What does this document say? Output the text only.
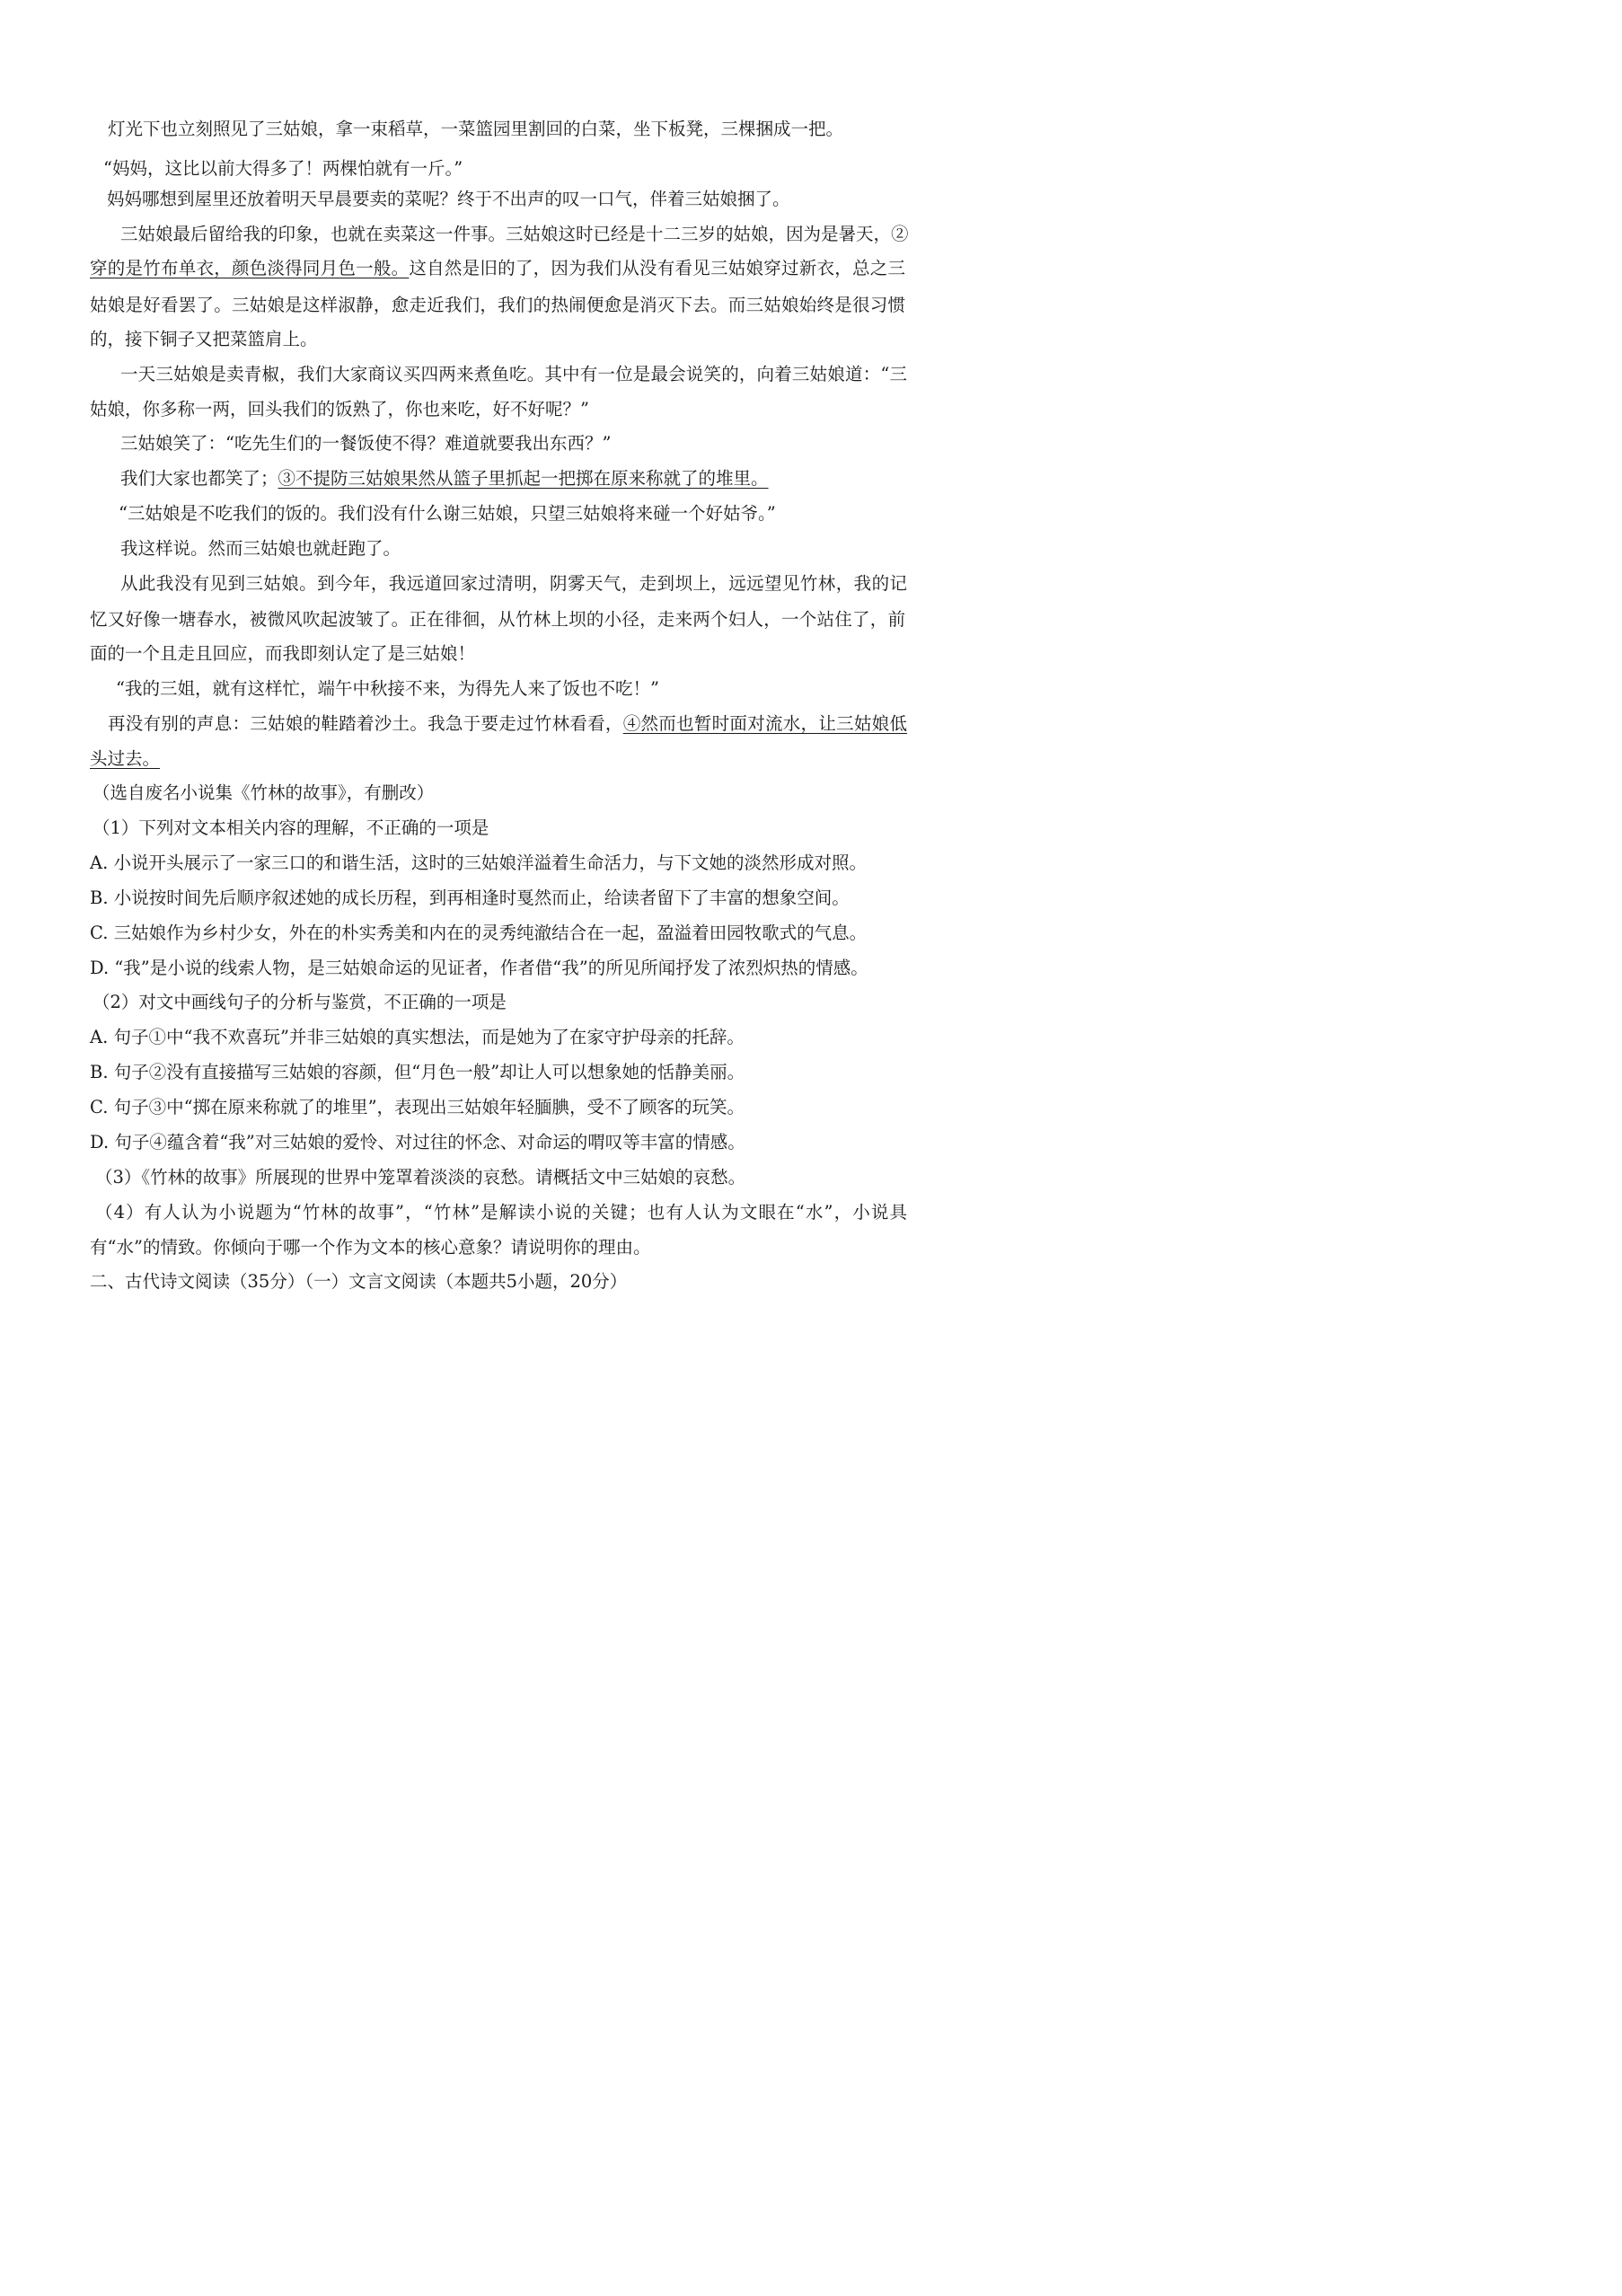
灯光下也立刻照见了三姑娘，拿一束稻草，一菜篮园里割回的白菜，坐下板凳，三棵捆成一把。
“妈妈，这比以前大得多了！两棵怕就有一斤。”
妈妈哪想到屋里还放着明天早晨要卖的菜呢？终于不出声的叹一口气，伴着三姑娘捆了。
三姑娘最后留给我的印象，也就在卖菜这一件事。三姑娘这时已经是十二三岁的姑娘，因为是暑天，②
穿的是竹布单衣，颜色淡得同月色一般。这自然是旧的了，因为我们从没有看见三姑娘穿过新衣，总之三
姑娘是好看罢了。三姑娘是这样淑静，愈走近我们，我们的热闹便愈是消灭下去。而三姑娘始终是很习惯
的，接下铜子又把菜篮肩上。
一天三姑娘是卖青椒，我们大家商议买四两来煮鱼吃。其中有一位是最会说笑的，向着三姑娘道：“三
姑娘，你多称一两，回头我们的饭熟了，你也来吃，好不好呢？”
三姑娘笑了：“吃先生们的一餐饭使不得？难道就要我出东西？”
我们大家也都笑了；③不提防三姑娘果然从篮子里抓起一把掷在原来称就了的堆里。
“三姑娘是不吃我们的饭的。我们没有什么谢三姑娘，只望三姑娘将来碰一个好姑爷。”
我这样说。然而三姑娘也就赶跑了。
从此我没有见到三姑娘。到今年，我远道回家过清明，阴雾天气，走到坝上，远远望见竹林，我的记
忆又好像一塘春水，被微风吹起波皱了。正在徘徊，从竹林上坝的小径，走来两个妇人，一个站住了，前
面的一个且走且回应，而我即刻认定了是三姑娘！
“我的三姐，就有这样忙，端午中秋接不来，为得先人来了饭也不吃！”
再没有别的声息：三姑娘的鞋踏着沙土。我急于要走过竹林看看，④然而也暂时面对流水，让三姑娘低
头过去。
（选自废名小说集《竹林的故事》，有删改）
（1）下列对文本相关内容的理解，不正确的一项是
A. 小说开头展示了一家三口的和谐生活，这时的三姑娘洋溢着生命活力，与下文她的淡然形成对照。
B. 小说按时间先后顺序叙述她的成长历程，到再相逢时戛然而止，给读者留下了丰富的想象空间。
C. 三姑娘作为乡村少女，外在的朴实秀美和内在的灵秀纯澈结合在一起，盈溢着田园牧歌式的气息。
D. “我”是小说的线索人物，是三姑娘命运的见证者，作者借“我”的所见所闻抒发了浓烈炽热的情感。
（2）对文中画线句子的分析与鉴赏，不正确的一项是
A. 句子①中“我不欢喜玩”并非三姑娘的真实想法，而是她为了在家守护母亲的托辞。
B. 句子②没有直接描写三姑娘的容颜，但“月色一般”却让人可以想象她的恬静美丽。
C. 句子③中“掷在原来称就了的堆里”，表现出三姑娘年轻腼腆，受不了顾客的玩笑。
D. 句子④蕴含着“我”对三姑娘的爱怜、对过往的怀念、对命运的喟叹等丰富的情感。
（3）《竹林的故事》所展现的世界中笼罩着淡淡的哀愁。请概括文中三姑娘的哀愁。
（4）有人认为小说题为“竹林的故事”，“竹林”是解读小说的关键；也有人认为文眼在“水”，小说具
有“水”的情致。你倾向于哪一个作为文本的核心意象？请说明你的理由。
二、古代诗文阅读（35分）（一）文言文阅读（本题共5小题，20分）
